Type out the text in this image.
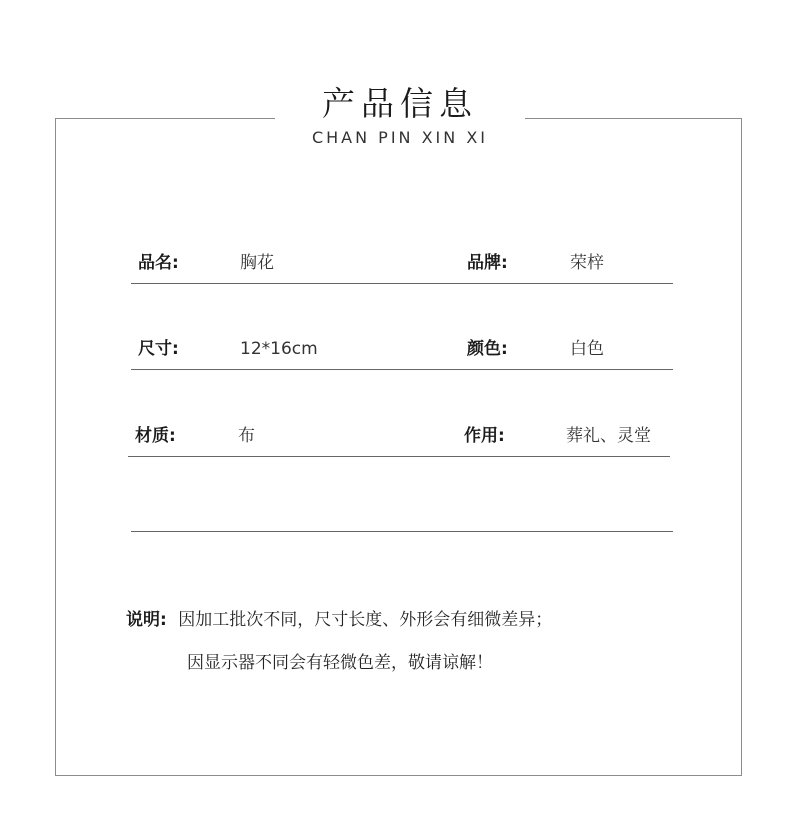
产品信息
CHAN PIN XIN XI
品名:	胸花	品牌:	荣梓
尺寸:	12*16cm	颜色:	白色
材质:	布	作用:	葬礼、灵堂
说明: 因加工批次不同，尺寸长度、外形会有细微差异；
因显示器不同会有轻微色差，敬请谅解！
